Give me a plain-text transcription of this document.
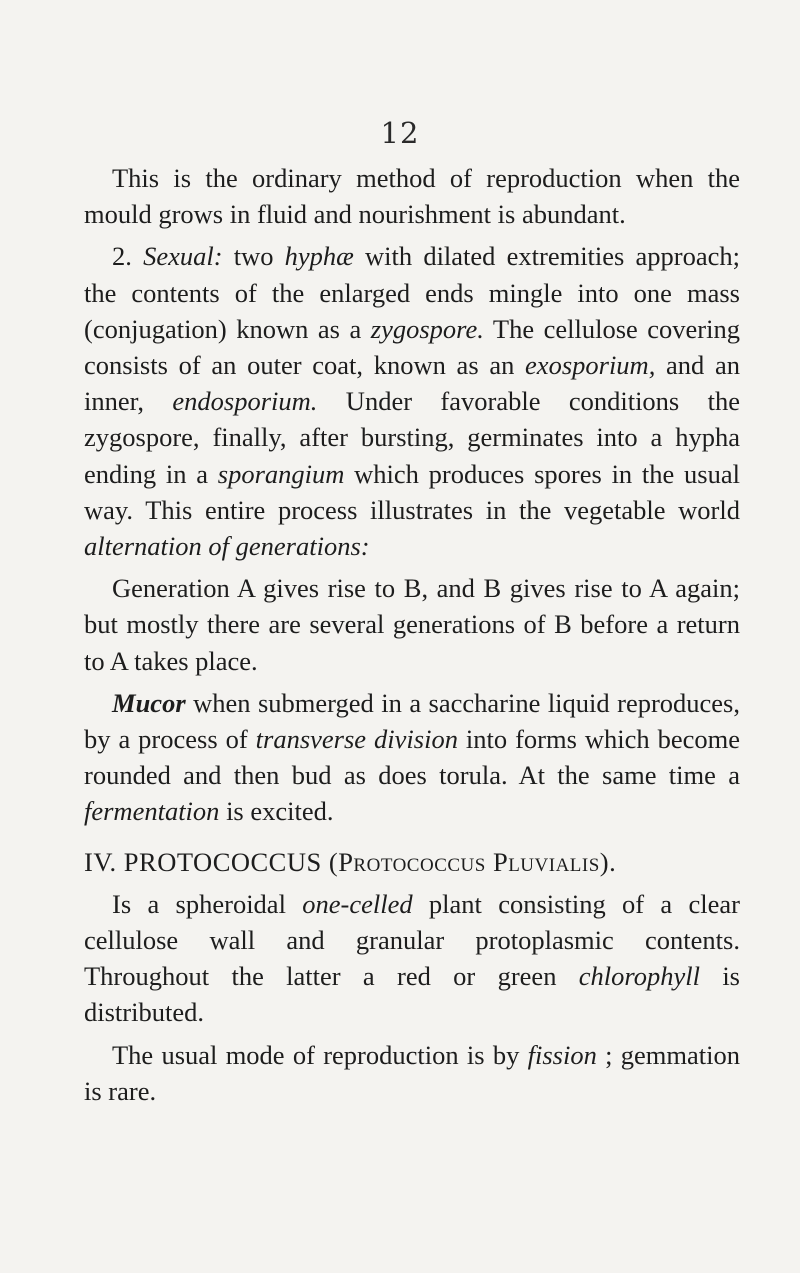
12

This is the ordinary method of reproduction when the mould grows in fluid and nourishment is abundant.

2. Sexual: two hyphæ with dilated extremities approach; the contents of the enlarged ends mingle into one mass (conjugation) known as a zygospore. The cellulose covering consists of an outer coat, known as an exosporium, and an inner, endosporium. Under favorable conditions the zygospore, finally, after bursting, germinates into a hypha ending in a sporangium which produces spores in the usual way. This entire process illustrates in the vegetable world alternation of generations:

Generation A gives rise to B, and B gives rise to A again; but mostly there are several generations of B before a return to A takes place.

Mucor when submerged in a saccharine liquid reproduces, by a process of transverse division into forms which become rounded and then bud as does torula. At the same time a fermentation is excited.

IV. PROTOCOCCUS (Protococcus Pluvialis).

Is a spheroidal one-celled plant consisting of a clear cellulose wall and granular protoplasmic contents. Throughout the latter a red or green chlorophyll is distributed.

The usual mode of reproduction is by fission ; gemmation is rare.
